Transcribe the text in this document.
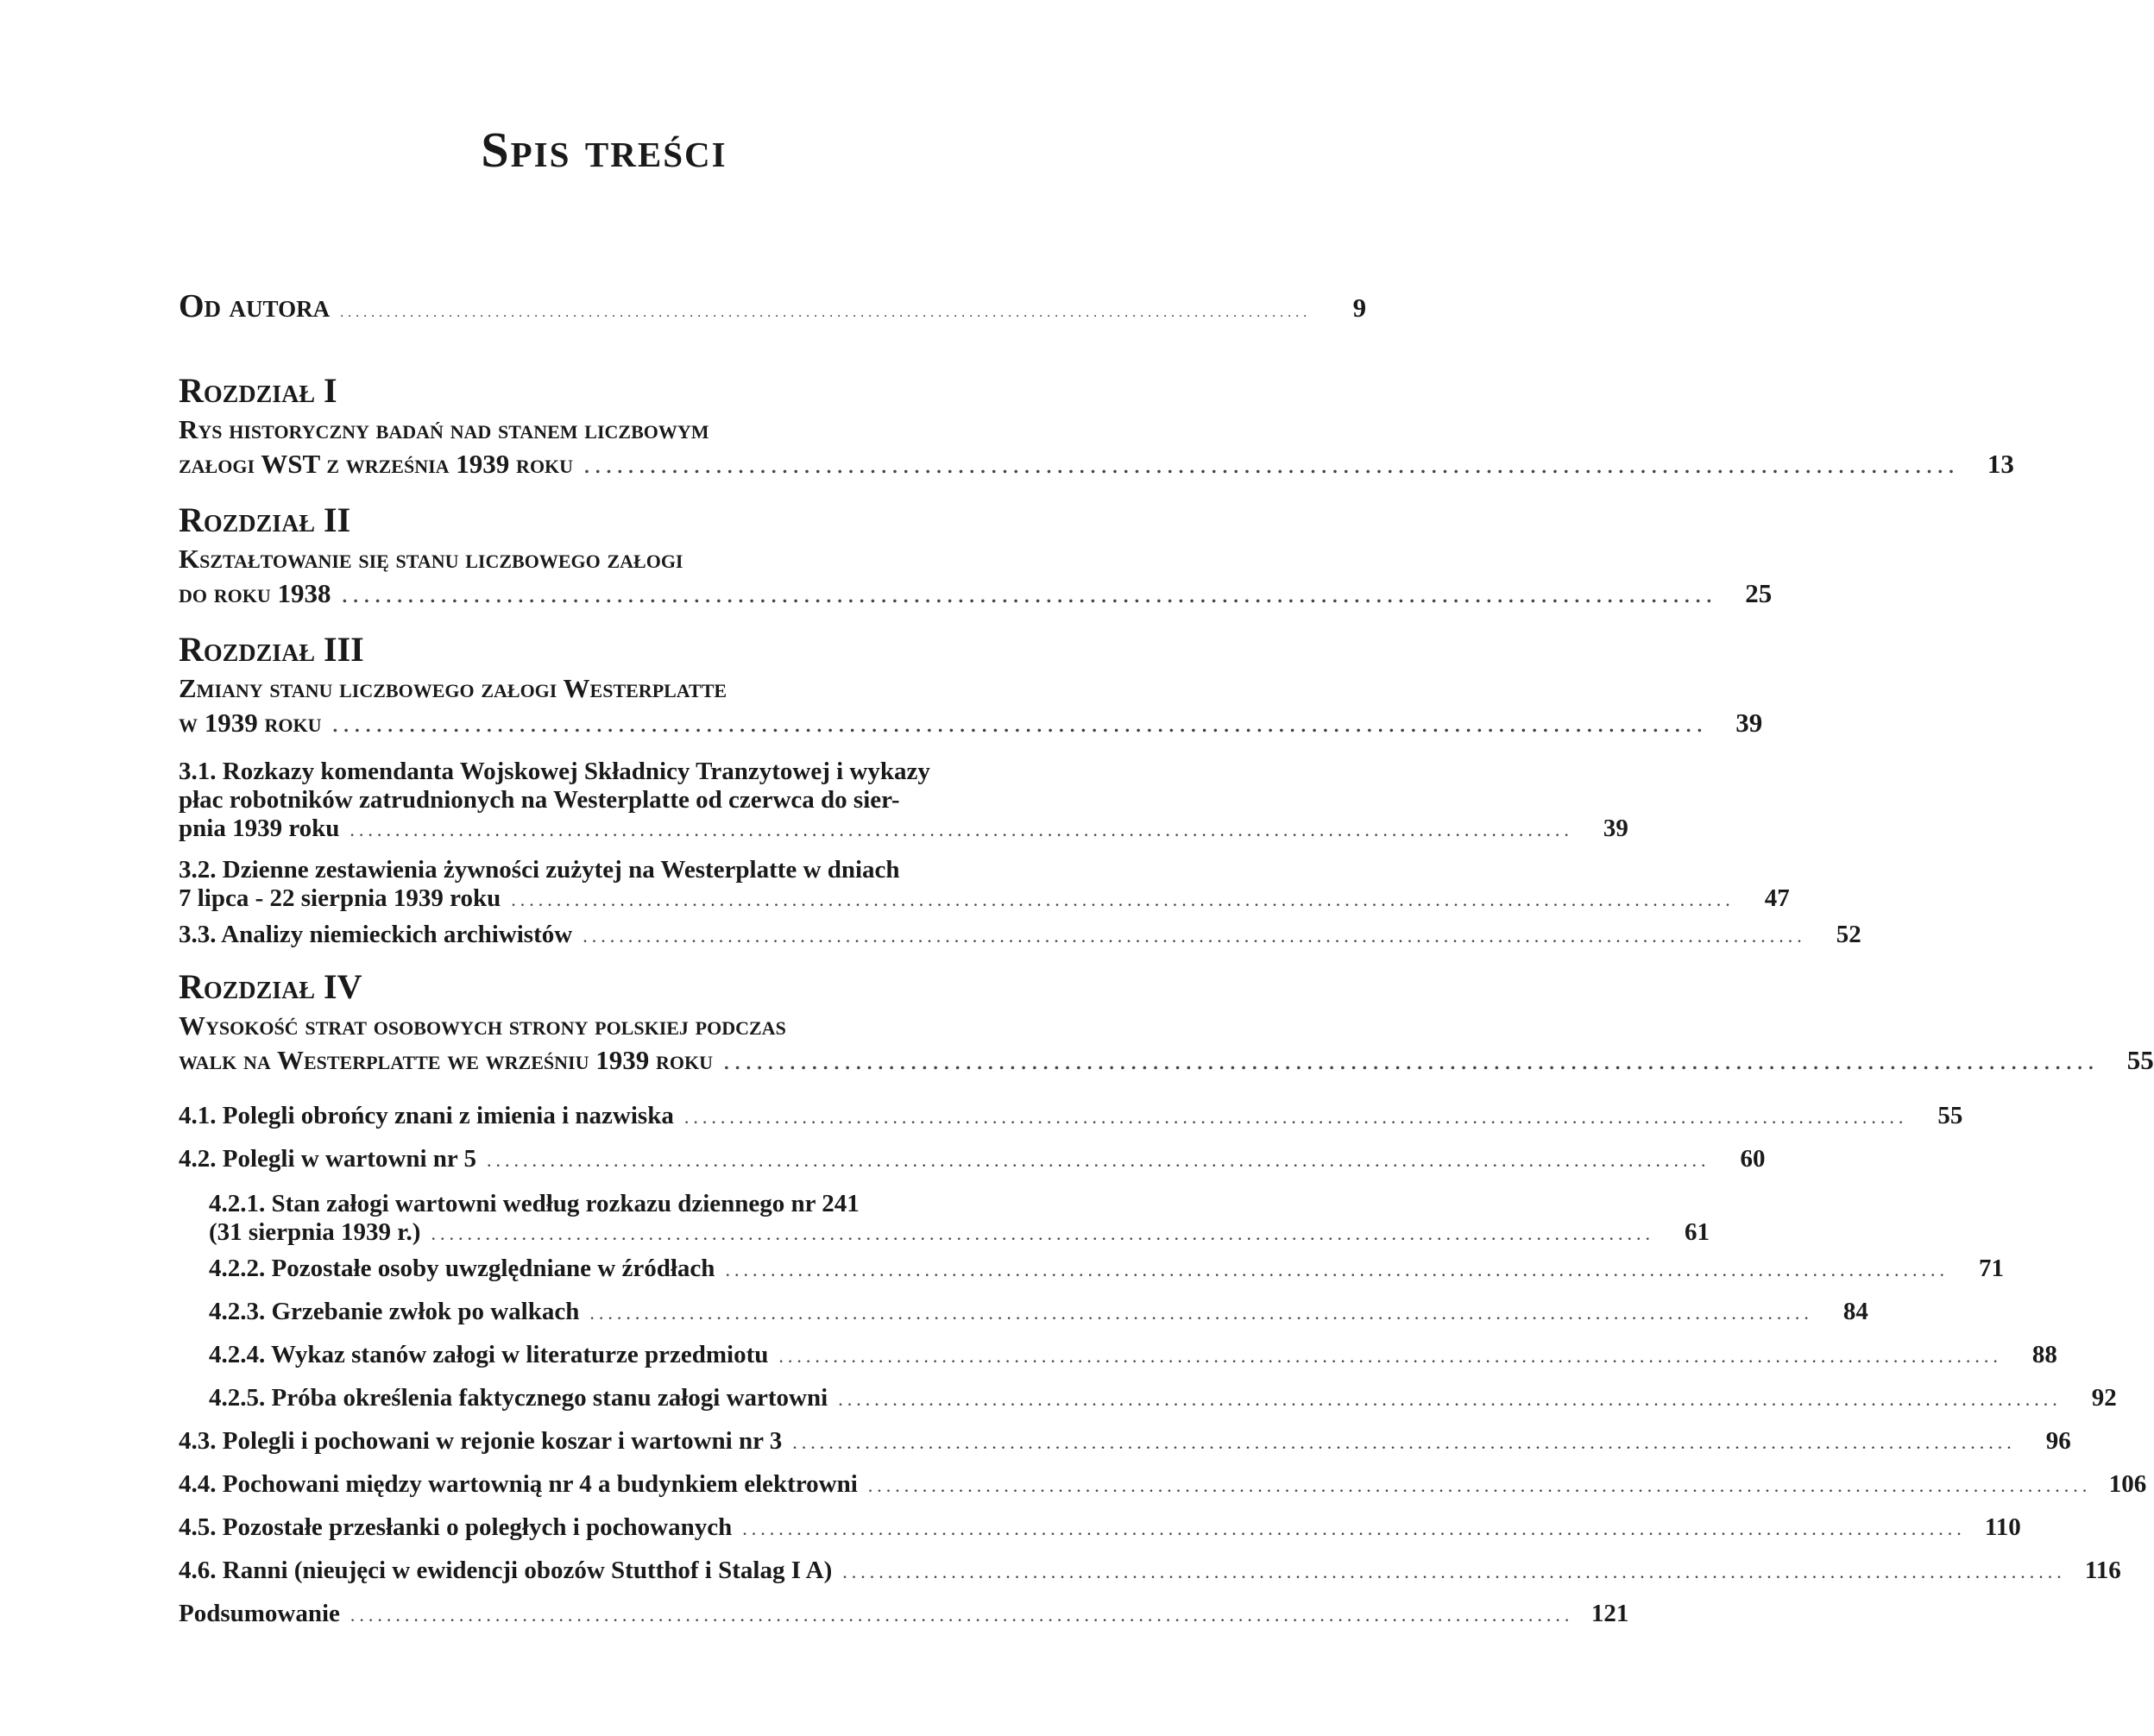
Spis treści
Od autora .............................................................................................................................	9
Rozdział I
Rys historyczny badań nad stanem liczbowym
załogi WST z września 1939 roku .............................................................................................................................	13
Rozdział II
Kształtowanie się stanu liczbowego załogi
do roku 1938 .............................................................................................................................	25
Rozdział III
Zmiany stanu liczbowego załogi Westerplatte
w 1939 roku .............................................................................................................................	39
3.1. Rozkazy komendanta Wojskowej Składnicy Tranzytowej i wykazy
płac robotników zatrudnionych na Westerplatte od czerwca do sier-
pnia 1939 roku .......................................................................................................................................	39
3.2. Dzienne zestawienia żywności zużytej na Westerplatte w dniach
7 lipca - 22 sierpnia 1939 roku .......................................................................................................................................	47
3.3. Analizy niemieckich archiwistów .......................................................................................................................................	52
Rozdział IV
Wysokość strat osobowych strony polskiej podczas
walk na Westerplatte we wrześniu 1939 roku .............................................................................................................................	55
4.1. Polegli obrońcy znani z imienia i nazwiska .......................................................................................................................................	55
4.2. Polegli w wartowni nr 5 .......................................................................................................................................	60
4.2.1. Stan załogi wartowni według rozkazu dziennego nr 241
(31 sierpnia 1939 r.) .......................................................................................................................................	61
4.2.2. Pozostałe osoby uwzględniane w źródłach .......................................................................................................................................	71
4.2.3. Grzebanie zwłok po walkach .......................................................................................................................................	84
4.2.4. Wykaz stanów załogi w literaturze przedmiotu .......................................................................................................................................	88
4.2.5. Próba określenia faktycznego stanu załogi wartowni .......................................................................................................................................	92
4.3. Polegli i pochowani w rejonie koszar i wartowni nr 3 .......................................................................................................................................	96
4.4. Pochowani między wartownią nr 4 a budynkiem elektrowni ....................................................................................................................................... 106
4.5. Pozostałe przesłanki o poległych i pochowanych ....................................................................................................................................... 110
4.6. Ranni (nieujęci w ewidencji obozów Stutthof i Stalag I A) ....................................................................................................................................... 116
Podsumowanie ....................................................................................................................................... 121
